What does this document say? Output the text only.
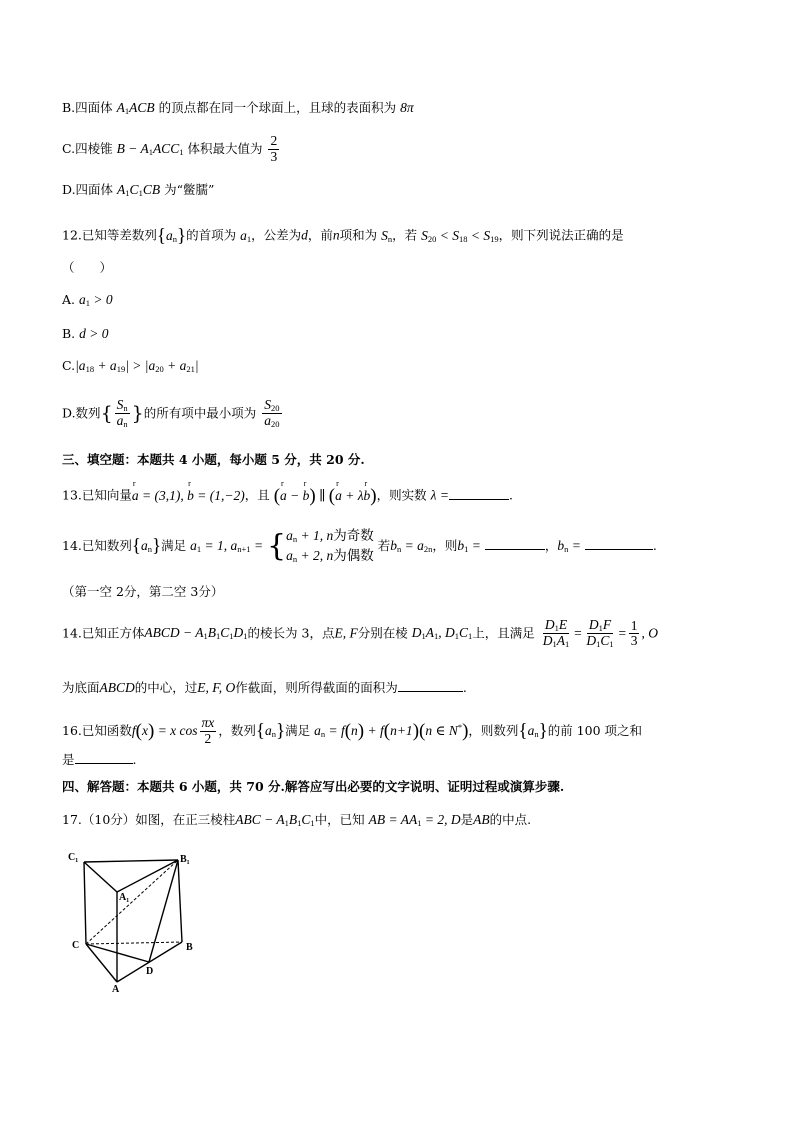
B.四面体 $A_1ACB$ 的顶点都在同一个球面上，且球的表面积为 8π
C.四棱锥 $B - A_1ACC_1$ 体积最大值为 $\frac{2}{3}$
D.四面体 $A_1C_1CB$ 为“鳖臑”
12.已知等差数列$\{a_n\}$的首项为 $a_1$，公差为d，前n项和为 $S_n$，若 $S_{20} < S_{18} < S_{19}$，则下列说法正确的是
（　　）
A. $a_1 > 0$
B. d > 0
$C.|a_{18} + a_{19}| > |a_{20} + a_{21}|$
D.数列{ $\frac{S_n}{a_n}$ }的所有项中最小项为 $\frac{S_{20}}{a_{20}}$
三、填空题：本题共 4 小题，每小题 5 分，共 20 分.
13.已知向量r a = (3,1), r b = (1,−2)，且 (r a − r b) ∥ (r a + λr b)，则实数 λ =	.
14.已知数列$\{a_n\}$满足 $a_1 = 1$, $a_{n+1}$ = { $a_n + 1$, n为奇数
$a_n + 2$, n为偶数
若$b_n = a_{2n}$，则$b_1$ =	，$b_n$ =	.
（第一空 2分，第二空 3分）
14.已知正方体ABCD − $A_1B_1C_1D_1$的棱长为 3，点E, F分别在棱 $D_1A_1$, $D_1C_1$上，且满足 $\frac{D_1E}{D_1A_1} = \frac{D_1F}{D_1C_1} = \frac{1}{3}$ , O
为底面ABCD的中心，过E, F, O作截面，则所得截面的面积为	.
16.已知函数f(x) = x $\cos \frac{\pi x}{2}$ ，数列$\{a_n\}$满足 $a_n = f(n) + f(n+1)(n$ ∈ N*)，则数列$\{a_n\}$的前 100 项之和
是	.
四、解答题：本题共 6 小题，共 70 分.解答应写出必要的文字说明、证明过程或演算步骤.
17.（10分）如图，在正三棱柱ABC − $A_1B_1C_1$中，已知 AB = $AA_1 = 2$, D是AB的中点.
C₁	B₁
A₁
C	B
D
A
